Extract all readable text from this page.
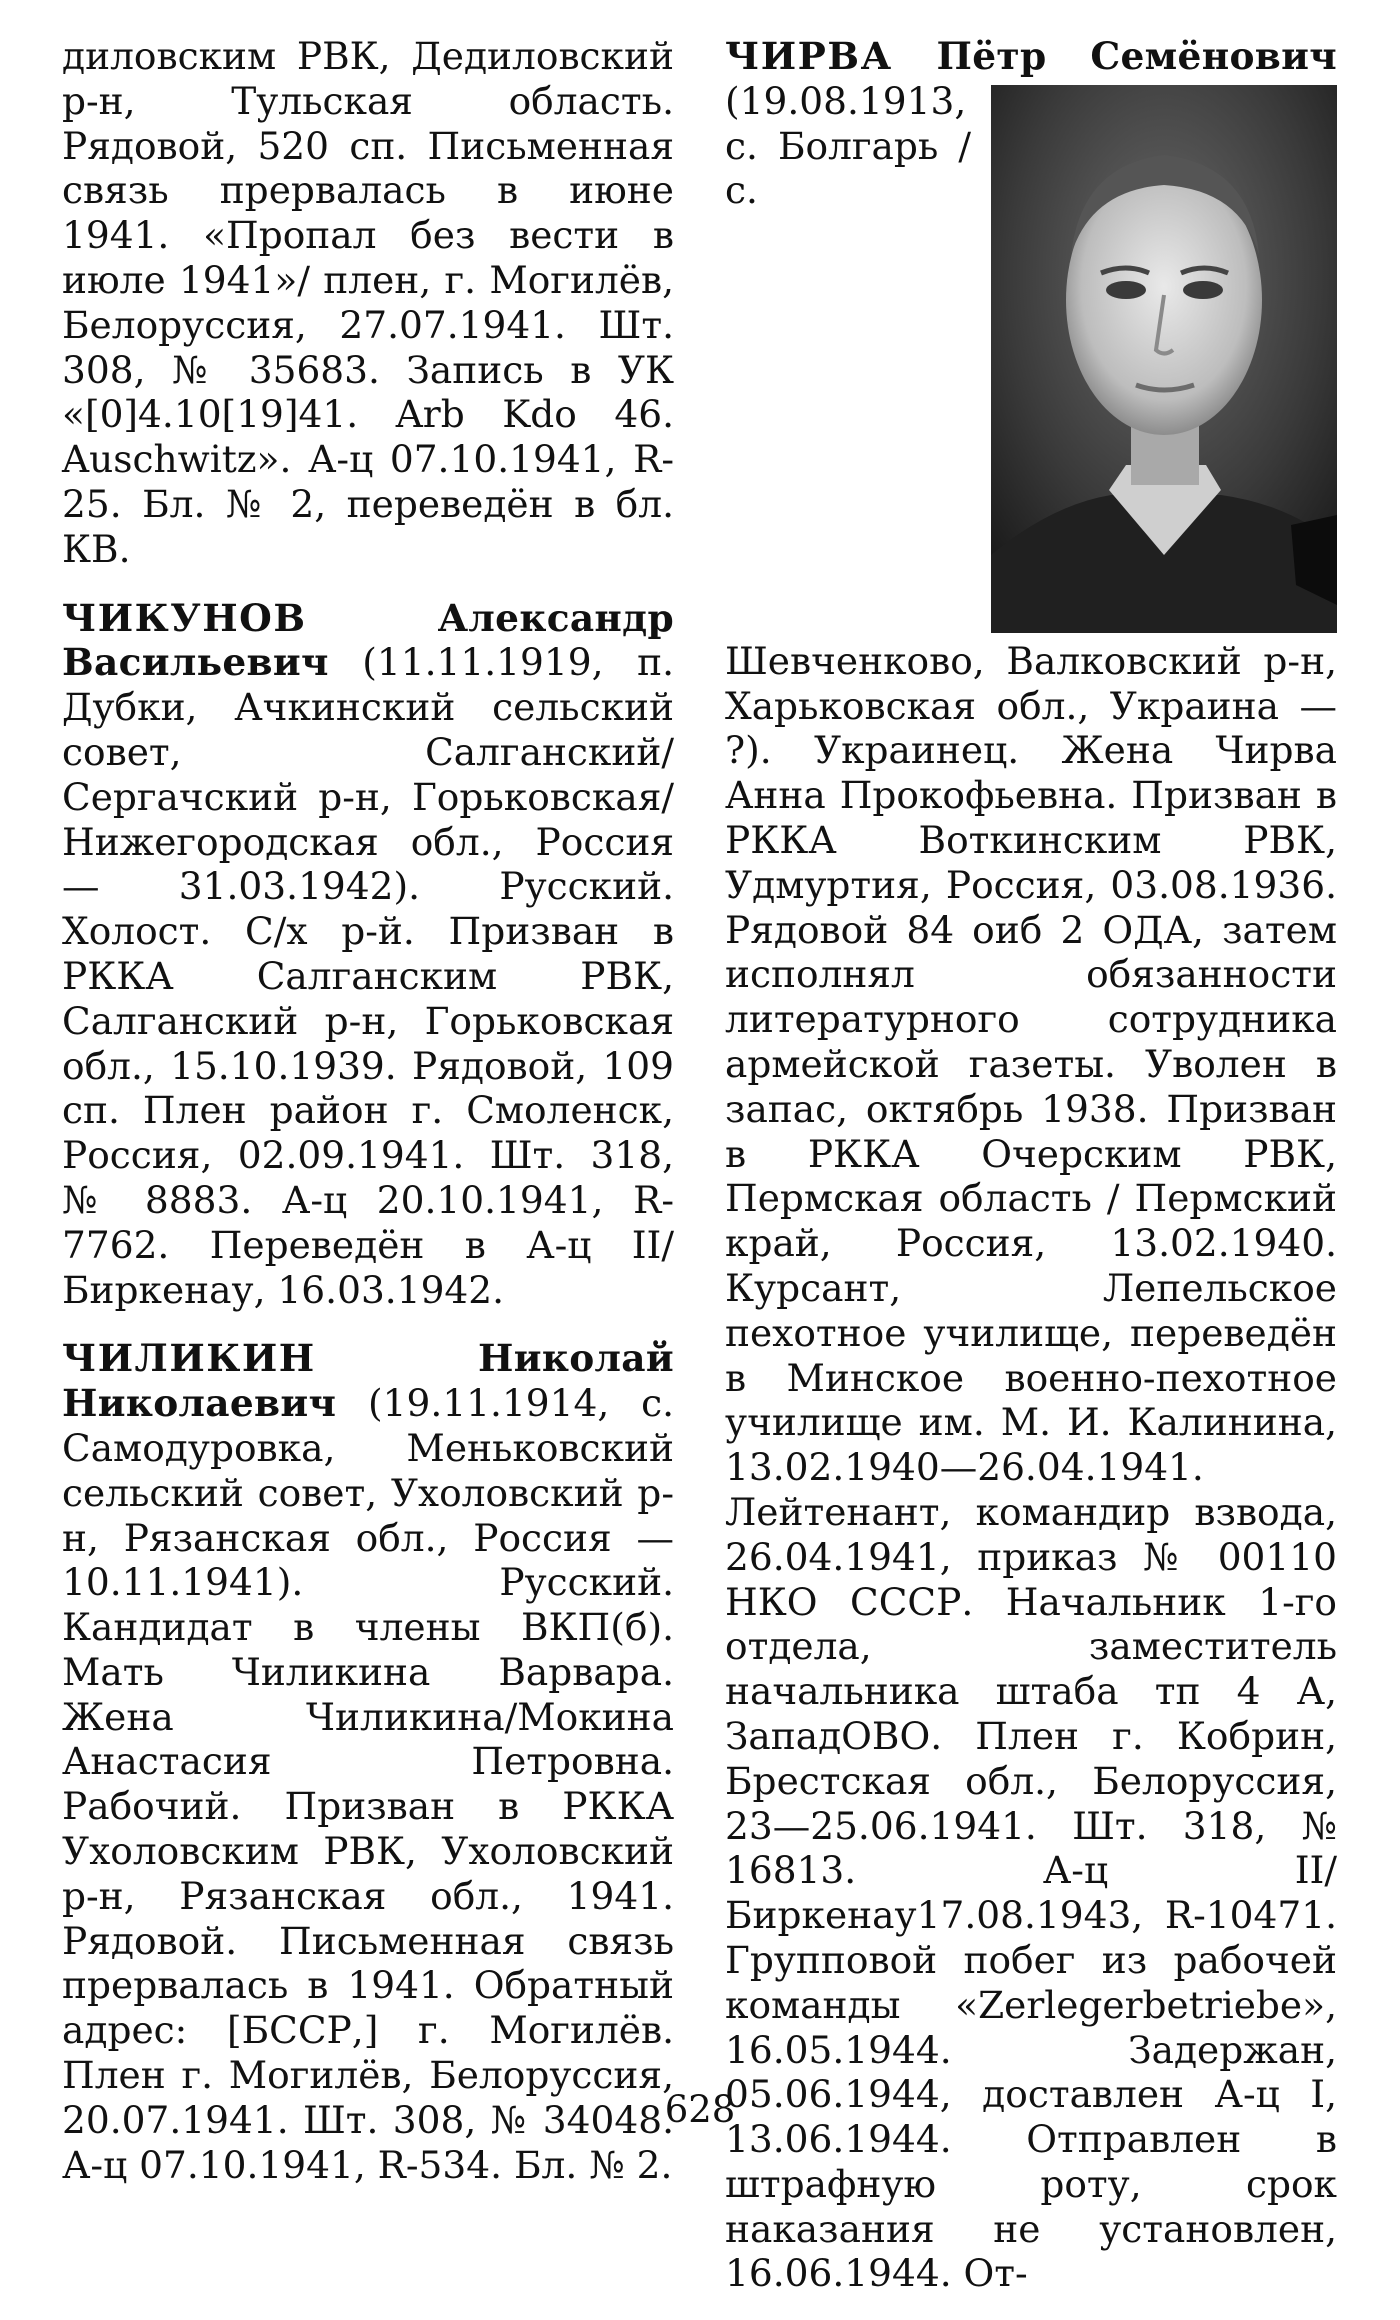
диловским РВК, Дедиловский р-н, Тульская область. Рядовой, 520 сп. Письменная связь прервалась в июне 1941. «Пропал без вести в июле 1941»/ плен, г. Могилёв, Белоруссия, 27.07.1941. Шт. 308, № 35683. Запись в УК «[0]4.10[19]41. Arb Kdo 46. Auschwitz». А-ц 07.10.1941, R-25. Бл. № 2, переведён в бл. КВ.

ЧИКУНОВ	Александр Васильевич (11.11.1919, п. Дубки, Ачкинский сельский совет, Салганский/Сергачский р-н, Горьковская/Нижегородская обл., Россия — 31.03.1942). Русский. Холост. С/х р-й. Призван в РККА Салганским РВК, Салганский р-н, Горьковская обл., 15.10.1939. Рядовой, 109 сп. Плен район г. Смоленск, Россия, 02.09.1941. Шт. 318, № 8883. А-ц 20.10.1941, R-7762. Переведён в А-ц II/Биркенау, 16.03.1942.

ЧИЛИКИН	Николай Николаевич (19.11.1914, с. Самодуровка, Меньковский сельский совет, Ухоловский р-н, Рязанская обл., Россия — 10.11.1941). Русский. Кандидат в члены ВКП(б). Мать Чиликина Варвара. Жена Чиликина/Мокина Анастасия Петровна. Рабочий. Призван в РККА Ухоловским РВК, Ухоловский р-н, Рязанская обл., 1941. Рядовой. Письменная связь прервалась в 1941. Обратный адрес: [БССР,] г. Могилёв. Плен г. Могилёв, Белоруссия, 20.07.1941. Шт. 308, № 34048. А-ц 07.10.1941, R-534. Бл. № 2.

ЧИРВА Пётр Семёнович
(19.08.1913, с. Болгарь / с. Шевченково, Валковский р-н, Харьковская обл., Украина — ?). Украинец. Жена Чирва Анна Прокофьевна. Призван в РККА Воткинским РВК, Удмуртия, Россия, 03.08.1936. Рядовой 84 оиб 2 ОДА, затем исполнял обязанности литературного сотрудника армейской газеты. Уволен в запас, октябрь 1938. Призван в РККА Очерским РВК, Пермская область / Пермский край, Россия, 13.02.1940. Курсант, Лепельское пехотное училище, переведён в Минское военно-пехотное училище им. М. И. Калинина, 13.02.1940—26.04.1941. Лейтенант, командир взвода, 26.04.1941, приказ № 00110 НКО СССР. Начальник 1-го отдела, заместитель начальника штаба тп 4 А, ЗападОВО. Плен г. Кобрин, Брестская обл., Белоруссия, 23—25.06.1941. Шт. 318, № 16813. А-ц II/Биркенау17.08.1943, R-10471. Групповой побег из рабочей команды «Zerlegerbetriebe», 16.05.1944. Задержан, 05.06.1944, доставлен А-ц I, 13.06.1944. Отправлен в штрафную роту, срок наказания не установлен, 16.06.1944. От-

628
